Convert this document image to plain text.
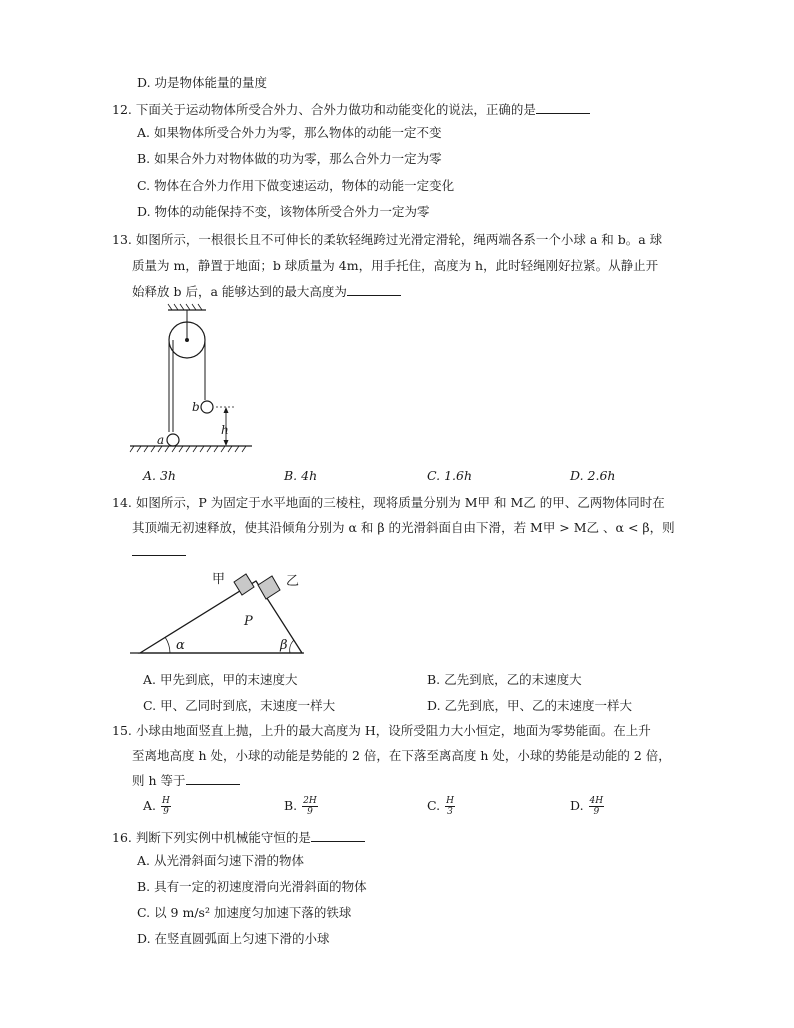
D. 功是物体能量的量度
12. 下面关于运动物体所受合外力、合外力做功和动能变化的说法，正确的是
A. 如果物体所受合外力为零，那么物体的动能一定不变
B. 如果合外力对物体做的功为零，那么合外力一定为零
C. 物体在合外力作用下做变速运动，物体的动能一定变化
D. 物体的动能保持不变，该物体所受合外力一定为零
13. 如图所示，一根很长且不可伸长的柔软轻绳跨过光滑定滑轮，绳两端各系一个小球 a 和 b。a 球
质量为 m，静置于地面；b 球质量为 4m，用手托住，高度为 h，此时轻绳刚好拉紧。从静止开
始释放 b 后，a 能够达到的最大高度为
b
a
h
A. 3h	B. 4h	C. 1.6h	D. 2.6h
14. 如图所示，P 为固定于水平地面的三棱柱，现将质量分别为 M甲 和 M乙 的甲、乙两物体同时在
其顶端无初速释放，使其沿倾角分别为 α 和 β 的光滑斜面自由下滑，若 M甲 > M乙 、α < β，则
甲	乙
P
α	β
A. 甲先到底，甲的末速度大	B. 乙先到底，乙的末速度大
C. 甲、乙同时到底，末速度一样大	D. 乙先到底，甲、乙的末速度一样大
15. 小球由地面竖直上抛，上升的最大高度为 H，设所受阻力大小恒定，地面为零势能面。在上升
至离地高度 h 处，小球的动能是势能的 2 倍，在下落至离高度 h 处，小球的势能是动能的 2 倍，
则 h 等于
A. $\frac{H}{9}$	B. $\frac{2H}{9}$	C. $\frac{H}{3}$	D. $\frac{4H}{9}$
16. 判断下列实例中机械能守恒的是
A. 从光滑斜面匀速下滑的物体
B. 具有一定的初速度滑向光滑斜面的物体
C. 以 9 m/s² 加速度匀加速下落的铁球
D. 在竖直圆弧面上匀速下滑的小球
